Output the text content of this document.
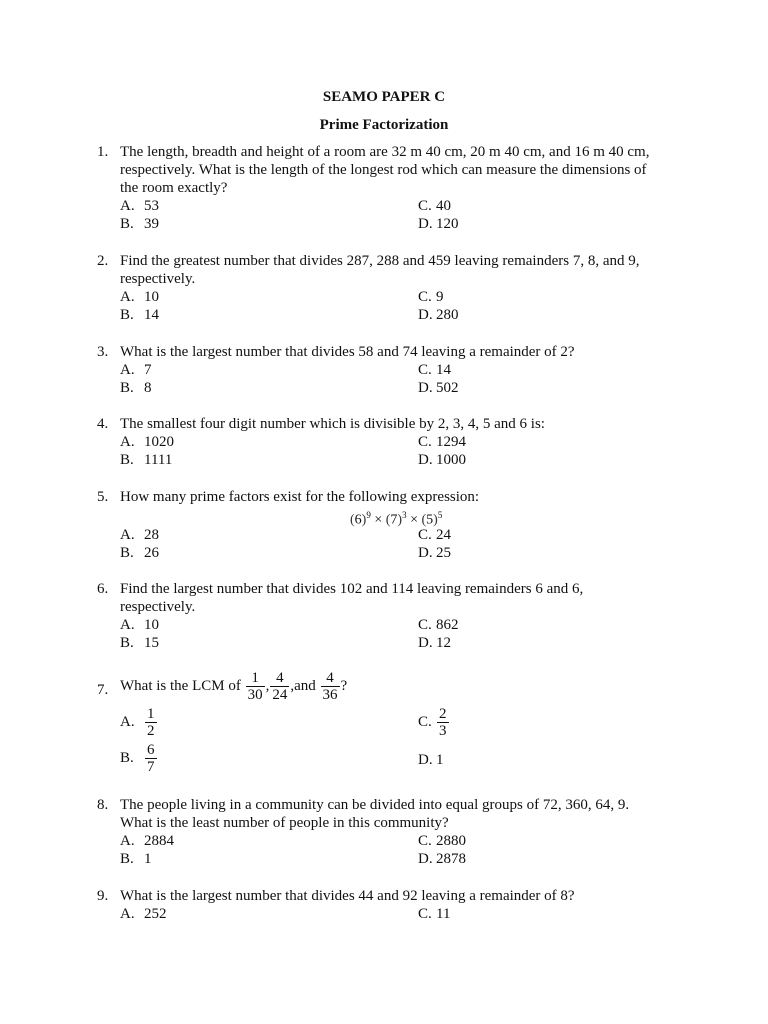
SEAMO PAPER C
Prime Factorization
1. The length, breadth and height of a room are 32 m 40 cm, 20 m 40 cm, and 16 m 40 cm,
respectively. What is the length of the longest rod which can measure the dimensions of
the room exactly?
A. 53	C. 40
B. 39	D. 120
2. Find the greatest number that divides 287, 288 and 459 leaving remainders 7, 8, and 9,
respectively.
A. 10	C. 9
B. 14	D. 280
3. What is the largest number that divides 58 and 74 leaving a remainder of 2?
A. 7	C. 14
B. 8	D. 502
4. The smallest four digit number which is divisible by 2, 3, 4, 5 and 6 is:
A. 1020	C. 1294
B. 1111	D. 1000
5. How many prime factors exist for the following expression:
$(6)^9 \times (7)^3 \times (5)^5$
A. 28	C. 24
B. 26	D. 25
6. Find the largest number that divides 102 and 114 leaving remainders 6 and 6,
respectively.
A. 10	C. 862
B. 15	D. 12
7. What is the LCM of $\frac{1}{30}$ , $\frac{4}{24} ,and \frac{4}{36}$ ?
A. $\frac{1}{2}$	C. $\frac{2}{3}$
B. $\frac{6}{7}$	D. 1
8. The people living in a community can be divided into equal groups of 72, 360, 64, 9.
What is the least number of people in this community?
A. 2884	C. 2880
B. 1	D. 2878
9. What is the largest number that divides 44 and 92 leaving a remainder of 8?
A. 252	C. 11
